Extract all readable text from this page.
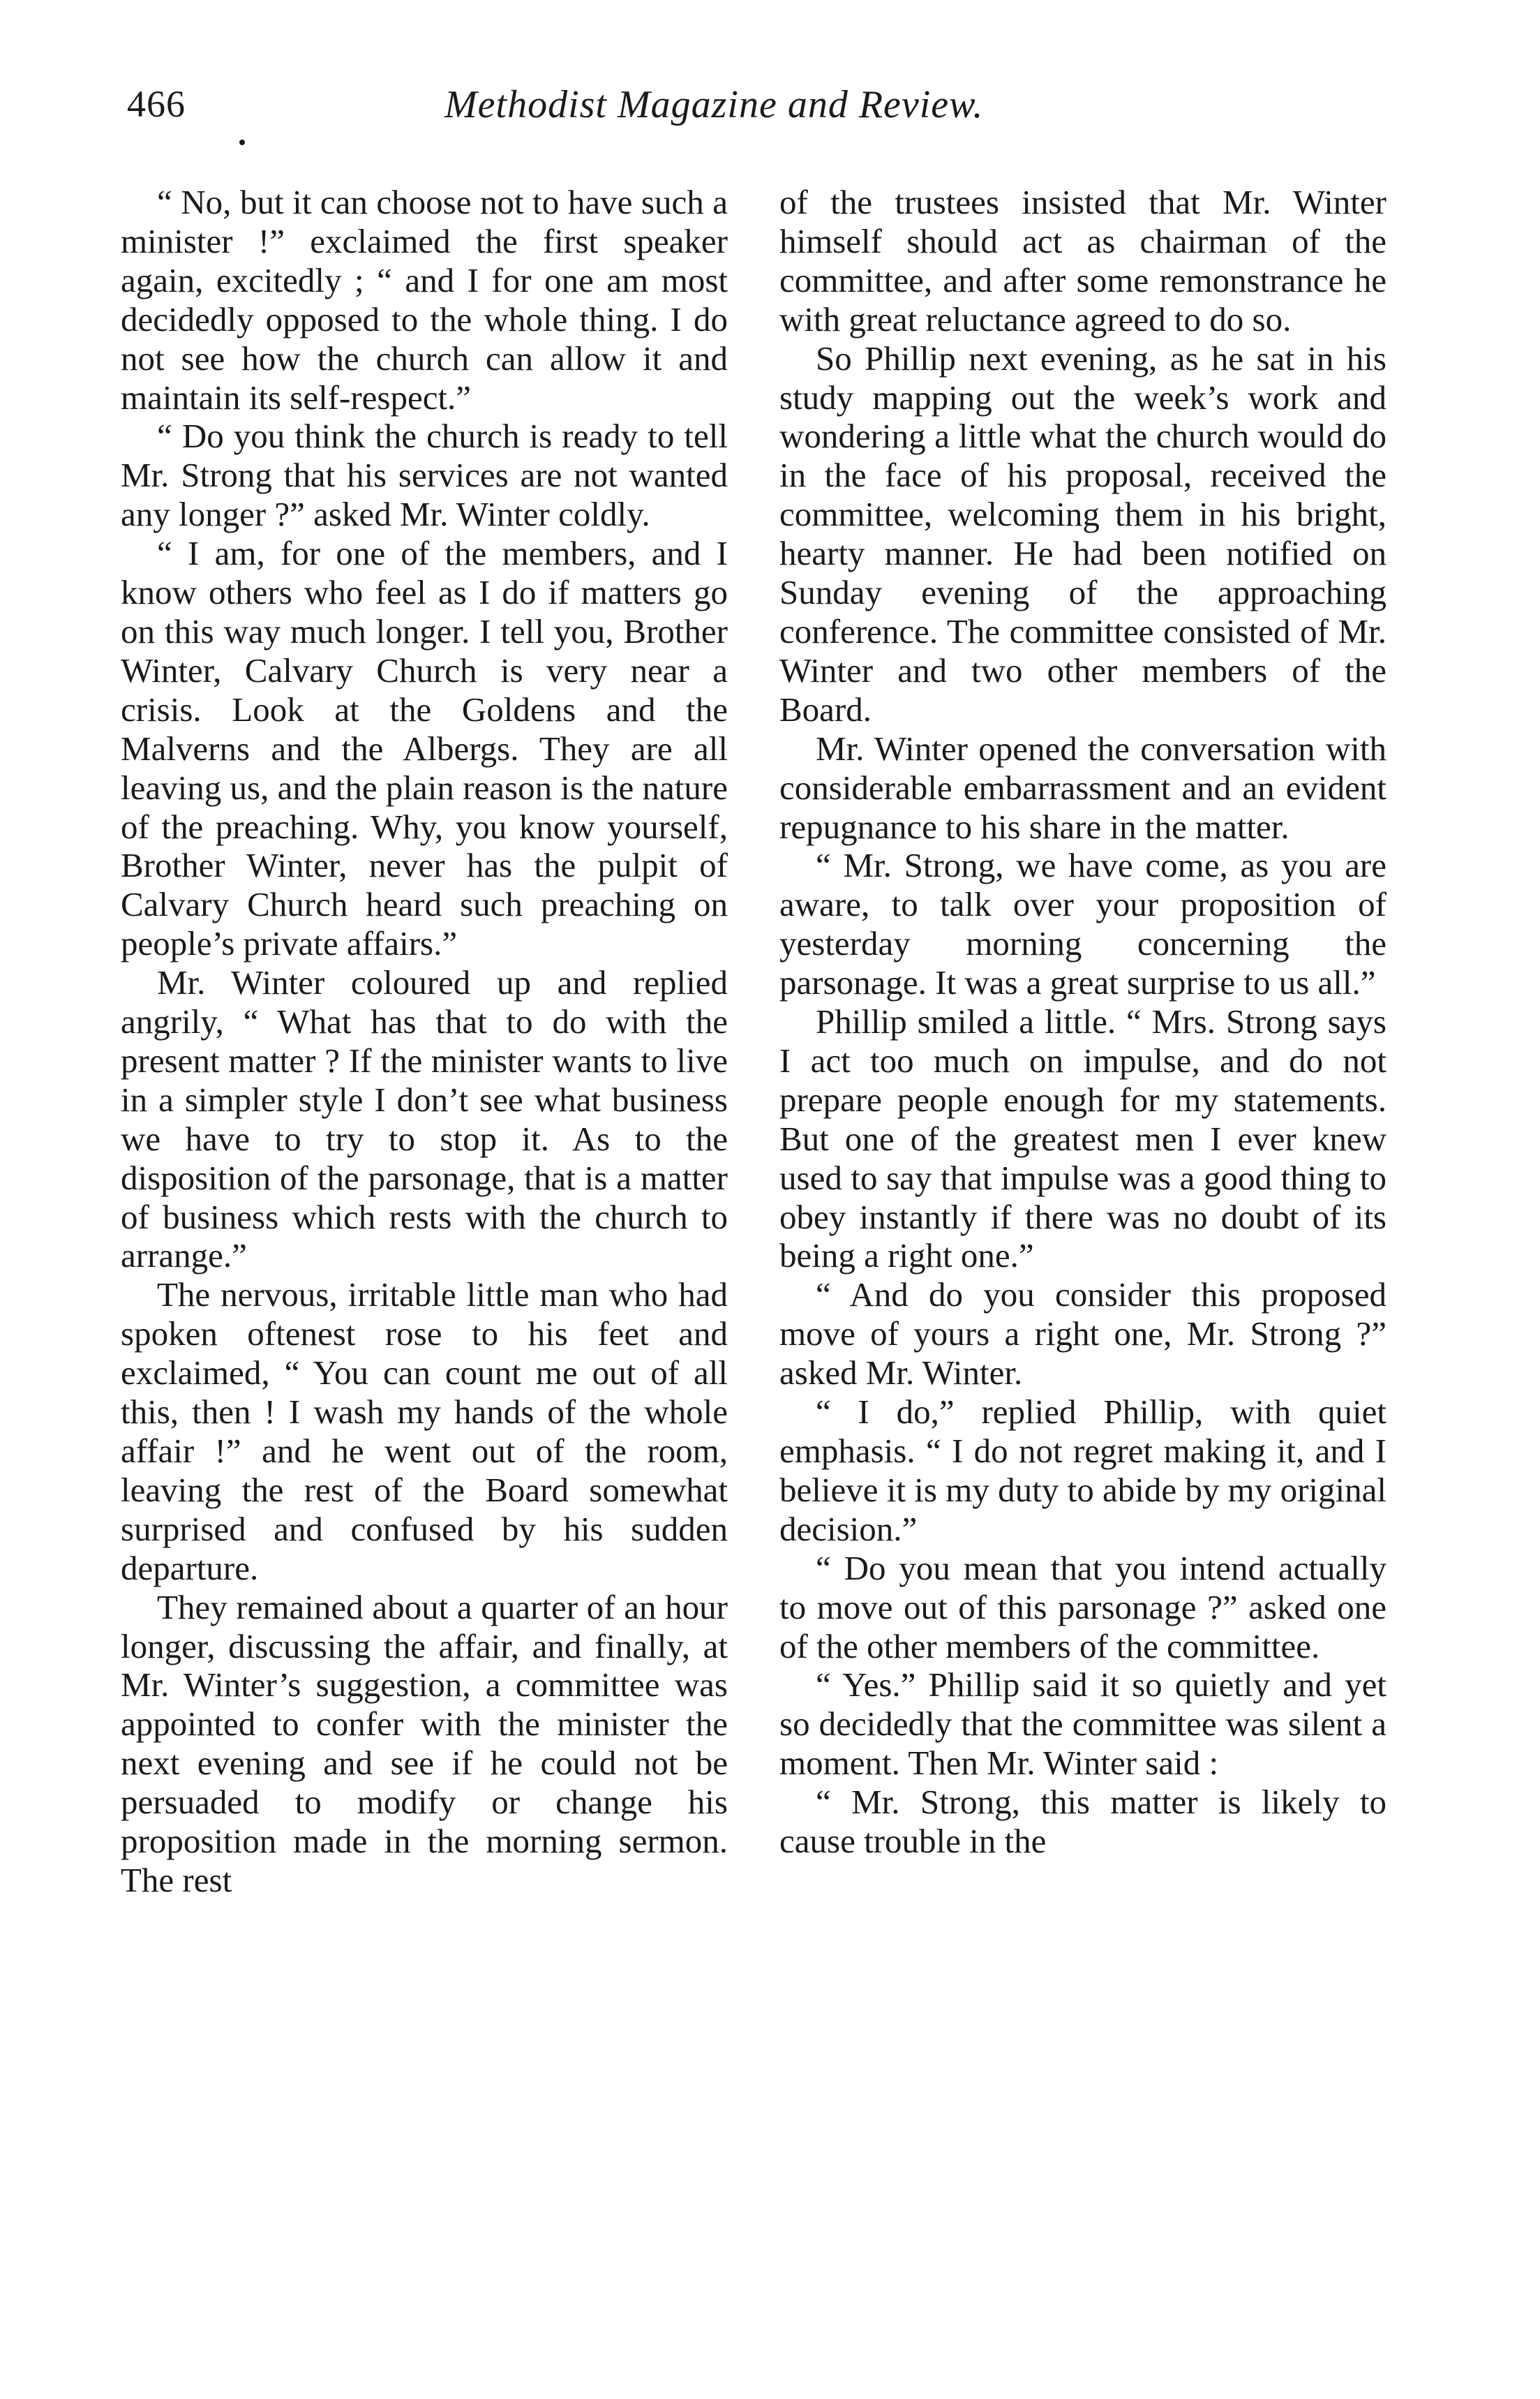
466	Methodist Magazine and Review.

“ No, but it can choose not to have such a minister !” exclaimed the first speaker again, excitedly ; “ and I for one am most decidedly opposed to the whole thing. I do not see how the church can allow it and maintain its self-respect.”

“ Do you think the church is ready to tell Mr. Strong that his services are not wanted any longer ?” asked Mr. Winter coldly.

“ I am, for one of the members, and I know others who feel as I do if matters go on this way much longer. I tell you, Brother Winter, Calvary Church is very near a crisis. Look at the Goldens and the Malverns and the Albergs. They are all leaving us, and the plain reason is the nature of the preaching. Why, you know yourself, Brother Winter, never has the pulpit of Calvary Church heard such preaching on people’s private affairs.”

Mr. Winter coloured up and replied angrily, “ What has that to do with the present matter ? If the minister wants to live in a simpler style I don’t see what business we have to try to stop it. As to the disposition of the parsonage, that is a matter of business which rests with the church to arrange.”

The nervous, irritable little man who had spoken oftenest rose to his feet and exclaimed, “ You can count me out of all this, then ! I wash my hands of the whole affair !” and he went out of the room, leaving the rest of the Board somewhat surprised and confused by his sudden departure.

They remained about a quarter of an hour longer, discussing the affair, and finally, at Mr. Winter’s suggestion, a committee was appointed to confer with the minister the next evening and see if he could not be persuaded to modify or change his proposition made in the morning sermon. The rest

of the trustees insisted that Mr. Winter himself should act as chairman of the committee, and after some remonstrance he with great reluctance agreed to do so.

So Phillip next evening, as he sat in his study mapping out the week’s work and wondering a little what the church would do in the face of his proposal, received the committee, welcoming them in his bright, hearty manner. He had been notified on Sunday evening of the approaching conference. The committee consisted of Mr. Winter and two other members of the Board.

Mr. Winter opened the conversation with considerable embarrassment and an evident repugnance to his share in the matter.

“ Mr. Strong, we have come, as you are aware, to talk over your proposition of yesterday morning concerning the parsonage. It was a great surprise to us all.”

Phillip smiled a little. “ Mrs. Strong says I act too much on impulse, and do not prepare people enough for my statements. But one of the greatest men I ever knew used to say that impulse was a good thing to obey instantly if there was no doubt of its being a right one.”

“ And do you consider this proposed move of yours a right one, Mr. Strong ?” asked Mr. Winter.

“ I do,” replied Phillip, with quiet emphasis. “ I do not regret making it, and I believe it is my duty to abide by my original decision.”

“ Do you mean that you intend actually to move out of this parsonage ?” asked one of the other members of the committee.

“ Yes.” Phillip said it so quietly and yet so decidedly that the committee was silent a moment. Then Mr. Winter said :

“ Mr. Strong, this matter is likely to cause trouble in the
